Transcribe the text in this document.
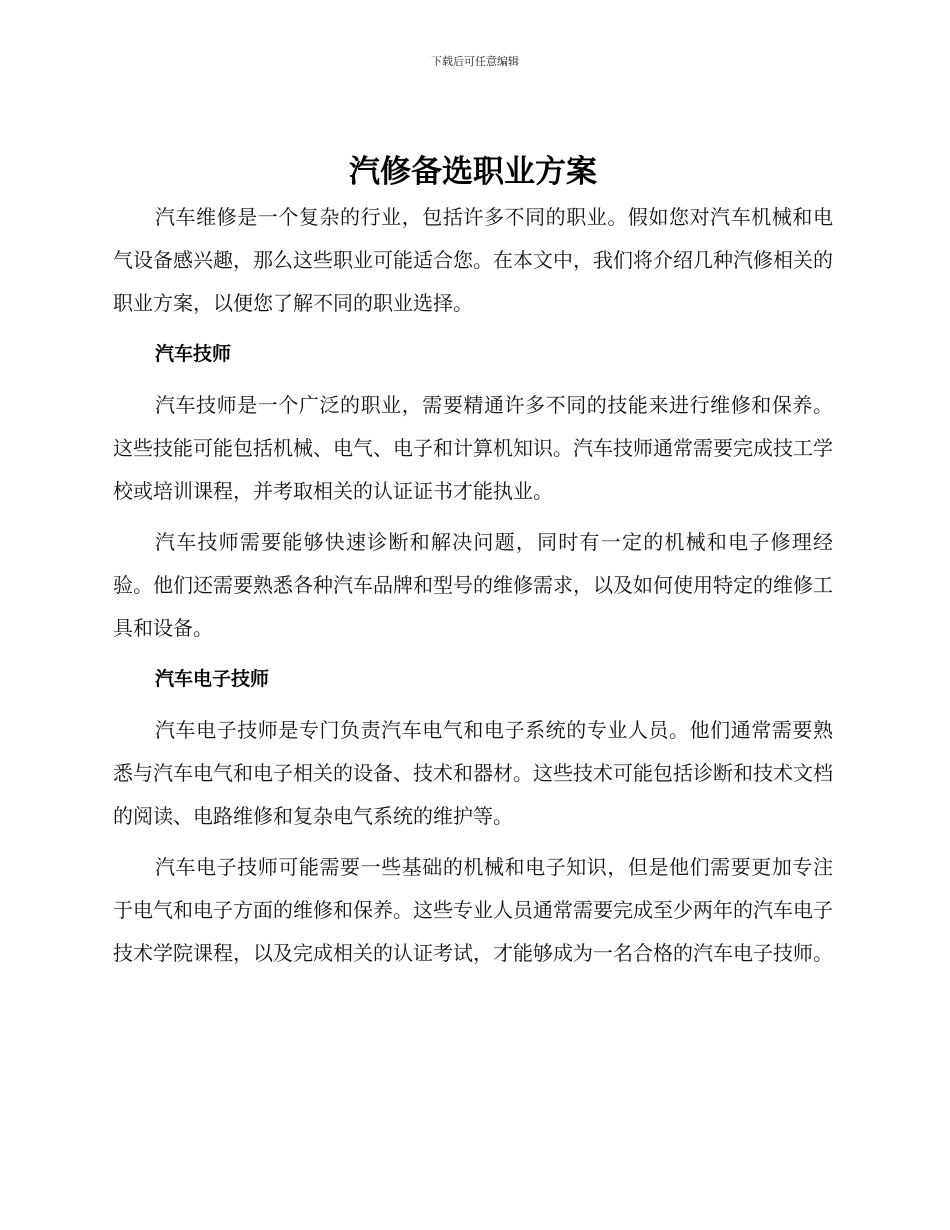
下载后可任意编辑
汽修备选职业方案

汽车维修是一个复杂的行业，包括许多不同的职业。假如您对汽车机械和电气设备感兴趣，那么这些职业可能适合您。在本文中，我们将介绍几种汽修相关的职业方案，以便您了解不同的职业选择。

汽车技师

汽车技师是一个广泛的职业，需要精通许多不同的技能来进行维修和保养。这些技能可能包括机械、电气、电子和计算机知识。汽车技师通常需要完成技工学校或培训课程，并考取相关的认证证书才能执业。

汽车技师需要能够快速诊断和解决问题，同时有一定的机械和电子修理经验。他们还需要熟悉各种汽车品牌和型号的维修需求，以及如何使用特定的维修工具和设备。

汽车电子技师

汽车电子技师是专门负责汽车电气和电子系统的专业人员。他们通常需要熟悉与汽车电气和电子相关的设备、技术和器材。这些技术可能包括诊断和技术文档的阅读、电路维修和复杂电气系统的维护等。

汽车电子技师可能需要一些基础的机械和电子知识，但是他们需要更加专注于电气和电子方面的维修和保养。这些专业人员通常需要完成至少两年的汽车电子技术学院课程，以及完成相关的认证考试，才能够成为一名合格的汽车电子技师。
